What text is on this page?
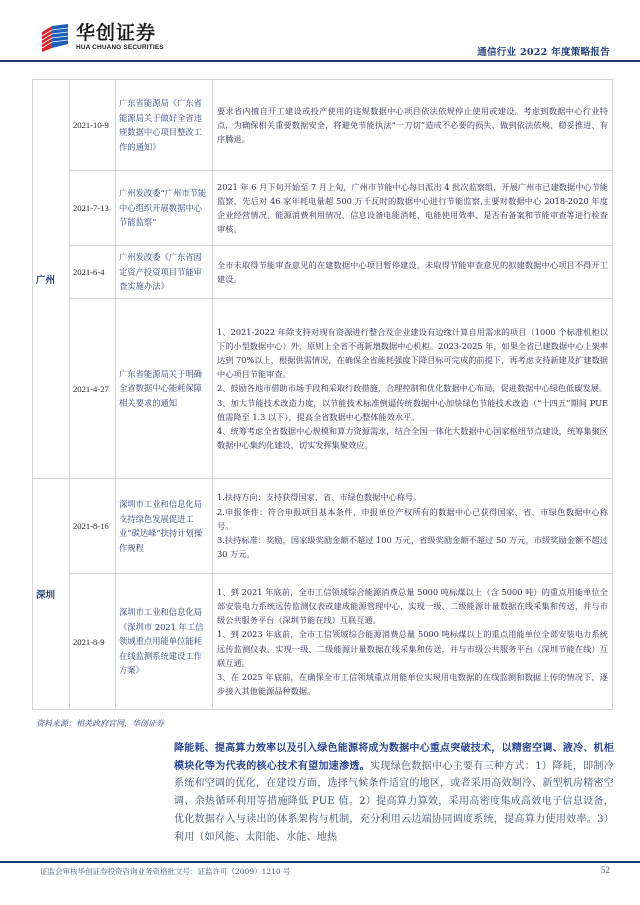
华创证券
HUA CHUANG SECURITIES	通信行业 2022 年度策略报告
广州	2021-10-9	广东省能源局《广东省能源局关于做好全省违规数据中心项目整改工作的通知》	要求省内擅自开工建设或投产使用的违规数据中心项目依法依规停止使用或建设。考虑到数据中心行业特点，为确保相关重要数据安全，将避免节能执法“一刀切”造成不必要的损失，做到依法依规、稳妥推进、有序腾退。

	2021-7-13	广州发改委“广州市节能中心组织开展数据中心节能监察”	2021 年 6 月下旬开始至 7 月上旬，广州市节能中心每日派出 4 批次监察组，开展广州市已建数据中心节能监察，先后对 46 家年耗电量超 500 万千瓦时的数据中心进行节能监察,主要对数据中心 2018-2020 年度企业经营情况、能源消费利用情况、信息设备电能消耗、电能使用效率、是否有备案和节能审查等进行检查审核。

	2021-6-4	广州发改委《广东省固定资产投资项目节能审查实施办法》	全市未取得节能审查意见的在建数据中心项目暂停建设，未取得节能审查意见的拟建数据中心项目不得开工建设。

	2021-4-27	广东省能源局关于明确全省数据中心能耗保障相关要求的通知	1、2021-2022 年除支持对现有资源进行整合及企业建设有边缘计算自用需求的项目（1000 个标准机柜以下的小型数据中心）外，原则上全省不再新增数据中心机柜。2023-2025 年，如果全省已建数据中心上架率达到 70%以上，根据供需情况，在确保全省能耗强度下降目标可完成的前提下，再考虑支持新建及扩建数据中心项目节能审查。
2、鼓励各地市借助市场手段和采取行政措施，合理控制和优化数据中心布局，促进数据中心绿色低碳发展。
3、加大节能技术改造力度，以节能技术标准倒逼传统数据中心加快绿色节能技术改造（“十四五”期间 PUE 值需降至 1.3 以下），提高全省数据中心整体能效水平。
4、统筹考虑全省数据中心规模和算力资源需求，结合全国一体化大数据中心国家枢纽节点建设，统筹集聚区数据中心集约化建设，切实发挥集聚效应。

深圳	2021-8-16	深圳市工业和信息化局支持绿色发展促进工业“碳达峰”扶持计划操作规程	1.扶持方向：支持获得国家、省、市绿色数据中心称号。
2.申报条件：符合申报项目基本条件，申报单位产权所有的数据中心已获得国家、省、市绿色数据中心称号。
3.扶持标准：奖励，国家级奖励金额不超过 100 万元，省级奖励金额不超过 50 万元，市级奖励金额不超过 30 万元。

	2021-8-9	深圳市工业和信息化局《深圳市 2021 年工信领域重点用能单位能耗在线监测系统建设工作方案》	1、到 2021 年底前，全市工信领域综合能源消费总量 5000 吨标煤以上（含 5000 吨）的重点用能单位全部安装电力系统远传监测仪表或建成能源管理中心，实现一级、二级能源计量数据在线采集和传送，并与市级公共服务平台（深圳节能在线）互联互通。
1、到 2023 年底前，全市工信领域综合能源消费总量 5000 吨标煤以上的重点用能单位全部安装电力系统远传监测仪表，实现一级、二级能源计量数据在线采集和传送，并与市级公共服务平台（深圳节能在线）互联互通。
3、在 2025 年底前，在确保全市工信领域重点用能单位实现用电数据的在线监测和数据上传的情况下，逐步接入其他能源品种数据。
资料来源：相关政府官网，华创证券
降能耗、提高算力效率以及引入绿色能源将成为数据中心重点突破技术，以精密空调、液冷、机柜模块化等为代表的核心技术有望加速渗透。实现绿色数据中心主要有三种方式：1）降耗，即制冷系统和空调的优化，在建设方面，选择气候条件适宜的地区，或者采用高效制冷、新型机房精密空调、余热循环利用等措施降低 PUE 值。2）提高算力算效，采用高密度集成高效电子信息设备，优化数据存入与读出的体系架构与机制，充分利用云边端协同调度系统，提高算力使用效率。3）利用（如风能、太阳能、水能、地热
证监会审核华创证券投资咨询业务资格批文号：证监许可（2009）1210 号	52
